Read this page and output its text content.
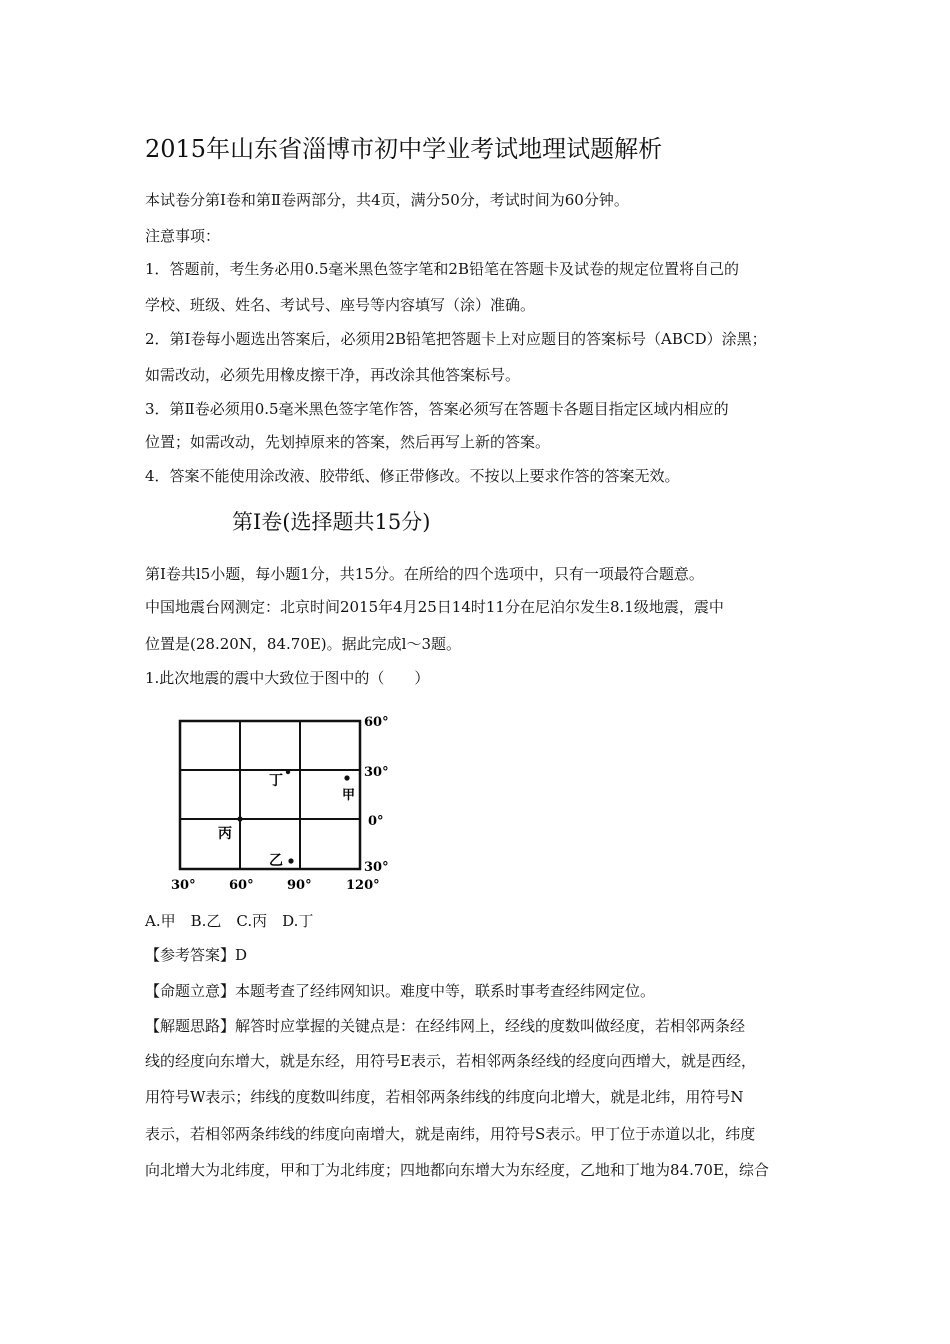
2015年山东省淄博市初中学业考试地理试题解析
本试卷分第Ⅰ卷和第Ⅱ卷两部分，共4页，满分50分，考试时间为60分钟。
注意事项：
1．答题前，考生务必用0.5毫米黑色签字笔和2B铅笔在答题卡及试卷的规定位置将自己的
学校、班级、姓名、考试号、座号等内容填写（涂）准确。
2．第Ⅰ卷每小题选出答案后，必须用2B铅笔把答题卡上对应题目的答案标号（ABCD）涂黑；
如需改动，必须先用橡皮擦干净，再改涂其他答案标号。
3．第Ⅱ卷必须用0.5毫米黑色签字笔作答，答案必须写在答题卡各题目指定区域内相应的
位置；如需改动，先划掉原来的答案，然后再写上新的答案。
4．答案不能使用涂改液、胶带纸、修正带修改。不按以上要求作答的答案无效。
第I卷(选择题共15分)
第I卷共l5小题，每小题1分，共15分。在所给的四个选项中，只有一项最符合题意。
中国地震台网测定：北京时间2015年4月25日14时11分在尼泊尔发生8.1级地震，震中
位置是(28.20N，84.70E)。据此完成l～3题。
1.此次地震的震中大致位于图中的（　　）
甲
丁
丙
乙
60°
30°
0°
30°
30°	60°	90°	120°
A.甲　B.乙　C.丙　D.丁
【参考答案】D
【命题立意】本题考查了经纬网知识。难度中等，联系时事考查经纬网定位。
【解题思路】解答时应掌握的关键点是：在经纬网上，经线的度数叫做经度，若相邻两条经
线的经度向东增大，就是东经，用符号E表示，若相邻两条经线的经度向西增大，就是西经，
用符号W表示；纬线的度数叫纬度，若相邻两条纬线的纬度向北增大，就是北纬，用符号N
表示，若相邻两条纬线的纬度向南增大，就是南纬，用符号S表示。甲丁位于赤道以北，纬度
向北增大为北纬度，甲和丁为北纬度；四地都向东增大为东经度，乙地和丁地为84.70E，综合
